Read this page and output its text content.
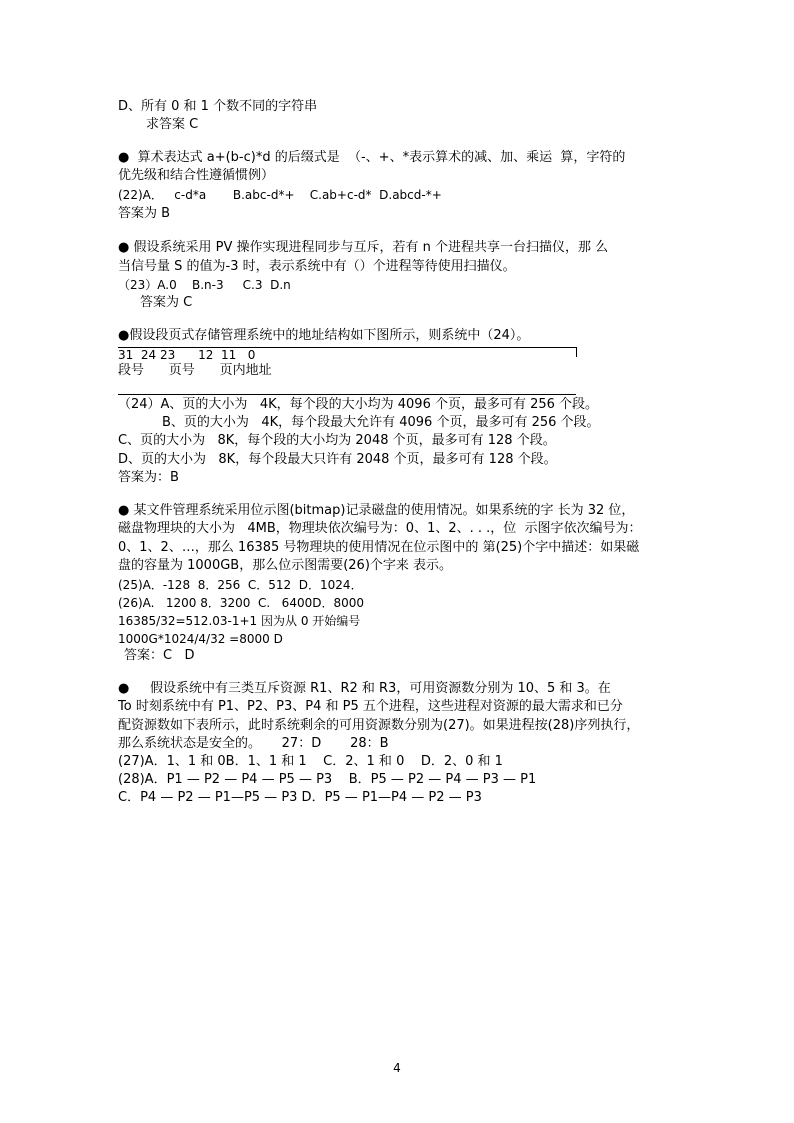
D、所有 0 和 1 个数不同的字符串
求答案 C
●  算术表达式 a+(b-c)*d 的后缀式是  （-、+、*表示算术的减、加、乘运  算，字符的
优先级和结合性遵循惯例）
(22)A．   c-d*a       B.abc-d*+    C.ab+c-d*  D.abcd-*+
答案为 B
● 假设系统采用 PV 操作实现进程同步与互斥，若有 n 个进程共享一台扫描仪，那 么
当信号量 S 的值为-3 时，表示系统中有（）个进程等待使用扫描仪。
（23）A.0    B.n-3     C.3  D.n
答案为 C
●假设段页式存储管理系统中的地址结构如下图所示，则系统中（24）。
31  24 23      12  11   0
段号      页号      页内地址
（24）A、页的大小为   4K，每个段的大小均为 4096 个页，最多可有 256 个段。
B、页的大小为   4K，每个段最大允许有 4096 个页，最多可有 256 个段。
C、页的大小为   8K，每个段的大小均为 2048 个页，最多可有 128 个段。
D、页的大小为   8K，每个段最大只许有 2048 个页，最多可有 128 个段。
答案为：B
● 某文件管理系统采用位示图(bitmap)记录磁盘的使用情况。如果系统的字 长为 32 位，
磁盘物理块的大小为   4MB，物理块依次编号为：0、1、2、. . .，位  示图字依次编号为：
0、1、2、…，那么 16385 号物理块的使用情况在位示图中的 第(25)个字中描述：如果磁
盘的容量为 1000GB，那么位示图需要(26)个字来 表示。
(25)A．-128  8．256  C．512  D．1024．
(26)A.   1200 8．3200  C.   6400D．8000
16385/32=512.03-1+1 因为从 0 开始编号
1000G*1024/4/32 =8000 D
答案：C   D
●     假设系统中有三类互斥资源 R1、R2 和 R3，可用资源数分别为 10、5 和 3。在
To 时刻系统中有 P1、P2、P3、P4 和 P5 五个进程，这些进程对资源的最大需求和已分
配资源数如下表所示，此时系统剩余的可用资源数分别为(27)。如果进程按(28)序列执行，
那么系统状态是安全的。     27：D       28：B
(27)A．1、1 和 0B．1、1 和 1    C．2、1 和 0    D．2、0 和 1
(28)A．P1 — P2 — P4 — P5 — P3    B．P5 — P2 — P4 — P3 — P1
C．P4 — P2 — P1—P5 — P3 D．P5 — P1—P4 — P2 — P3
4
